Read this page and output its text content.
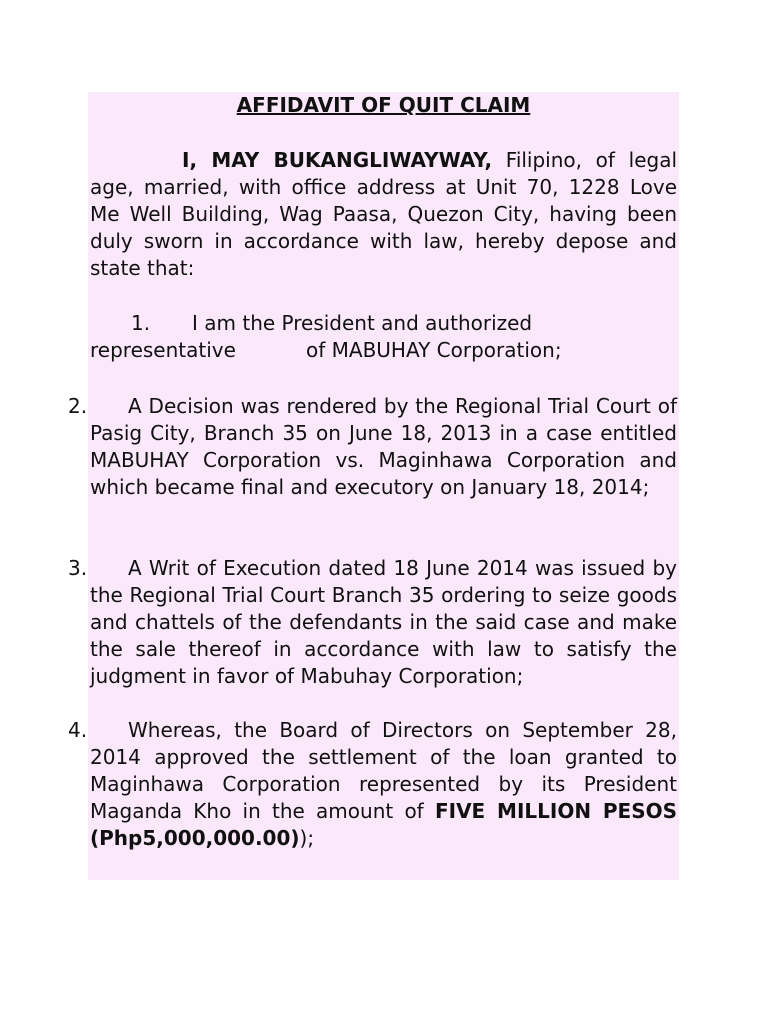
AFFIDAVIT OF QUIT CLAIM
I, MAY BUKANGLIWAYWAY, Filipino, of legal age, married, with office address at Unit 70, 1228 Love Me Well Building, Wag Paasa, Quezon City, having been duly sworn in accordance with law, hereby depose and state that:
1. I am the President and authorized
representative	of MABUHAY Corporation;
2.	A Decision was rendered by the Regional Trial Court of Pasig City, Branch 35 on June 18, 2013 in a case entitled MABUHAY Corporation vs. Maginhawa Corporation and which became final and executory on January 18, 2014;
3.	A Writ of Execution dated 18 June 2014 was issued by the Regional Trial Court Branch 35 ordering to seize goods and chattels of the defendants in the said case and make the sale thereof in accordance with law to satisfy the judgment in favor of Mabuhay Corporation;
4.	Whereas, the Board of Directors on September 28, 2014 approved the settlement of the loan granted to Maginhawa Corporation represented by its President Maganda Kho in the amount of FIVE MILLION PESOS (Php5,000,000.00));
